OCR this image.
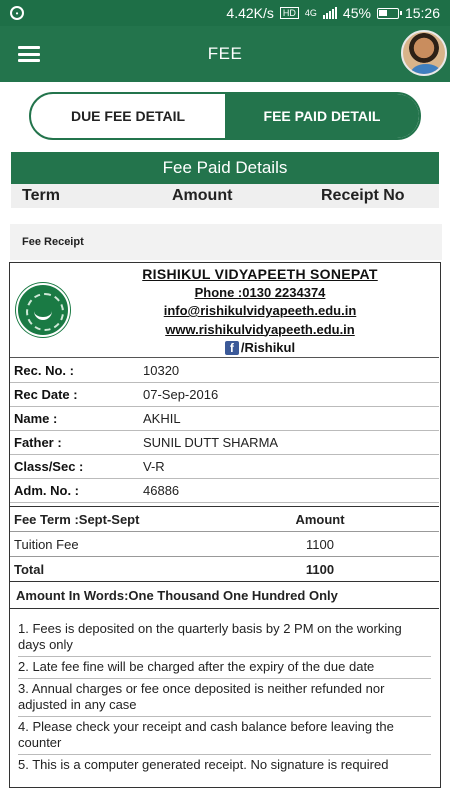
•	4.42K/s	HD	4G 45% 15:26
FEE
DUE FEE DETAIL	FEE PAID DETAIL
Fee Paid Details
Term	Amount	Receipt No
Fee Receipt
RISHIKUL VIDYAPEETH SONEPAT
Phone :0130 2234374
info@rishikulvidyapeeth.edu.in
www.rishikulvidyapeeth.edu.in
f /Rishikul
Rec. No. :	10320
Rec Date :	07-Sep-2016
Name :	AKHIL
Father :	SUNIL DUTT SHARMA
Class/Sec :	V-R
Adm. No. :	46886
Fee Term :Sept-Sept	Amount
Tuition Fee	1100
Total	1100
Amount In Words:One Thousand One Hundred Only
1. Fees is deposited on the quarterly basis by 2 PM on the working days only
2. Late fee fine will be charged after the expiry of the due date
3. Annual charges or fee once deposited is neither refunded nor adjusted in any case
4. Please check your receipt and cash balance before leaving the counter
5. This is a computer generated receipt. No signature is required
